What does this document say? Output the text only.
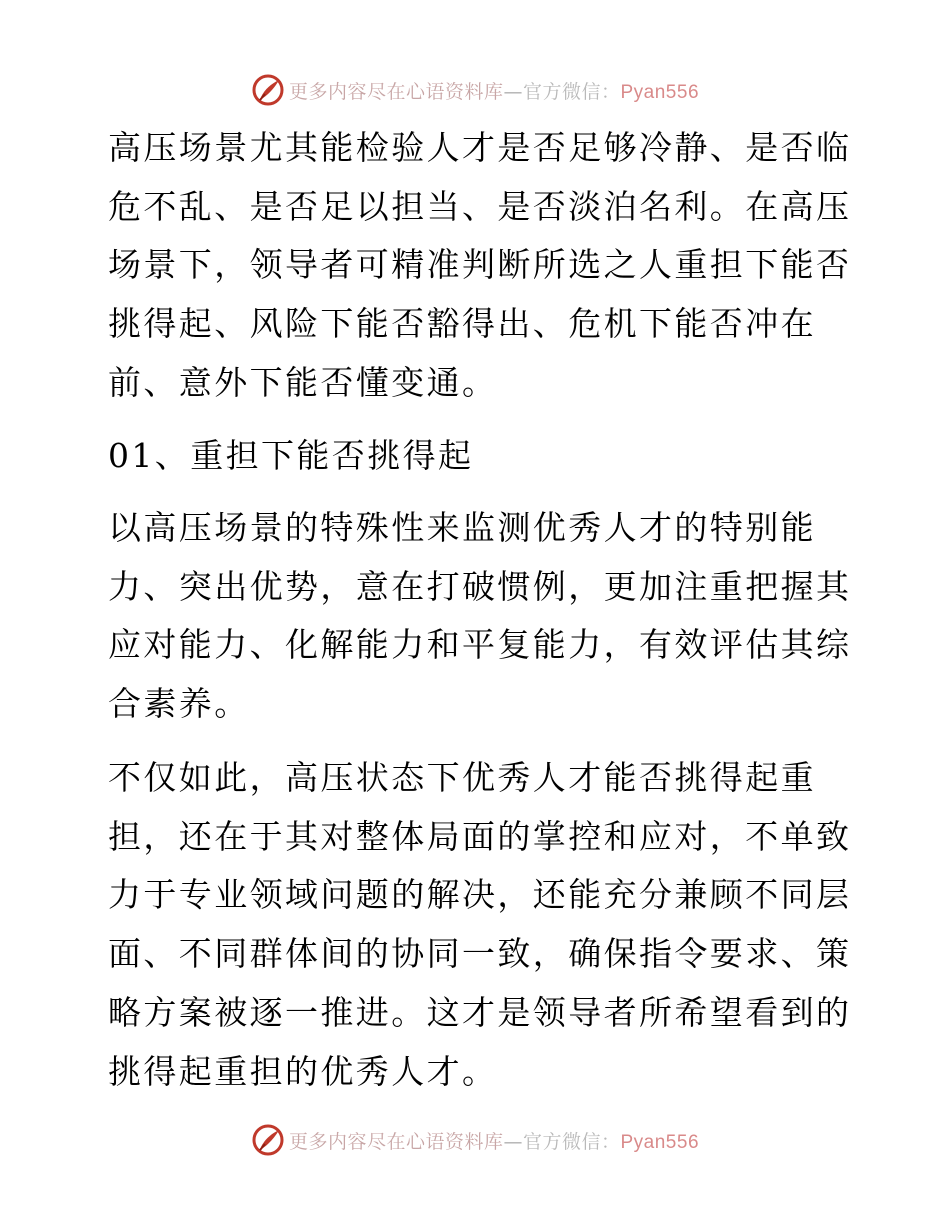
更多内容尽在心语资料库—官方微信：Pyan556

高压场景尤其能检验人才是否足够冷静、是否临危不乱、是否足以担当、是否淡泊名利。在高压场景下，领导者可精准判断所选之人重担下能否挑得起、风险下能否豁得出、危机下能否冲在前、意外下能否懂变通。

01、重担下能否挑得起

以高压场景的特殊性来监测优秀人才的特别能力、突出优势，意在打破惯例，更加注重把握其应对能力、化解能力和平复能力，有效评估其综合素养。

不仅如此，高压状态下优秀人才能否挑得起重担，还在于其对整体局面的掌控和应对，不单致力于专业领域问题的解决，还能充分兼顾不同层面、不同群体间的协同一致，确保指令要求、策略方案被逐一推进。这才是领导者所希望看到的挑得起重担的优秀人才。

更多内容尽在心语资料库—官方微信：Pyan556
